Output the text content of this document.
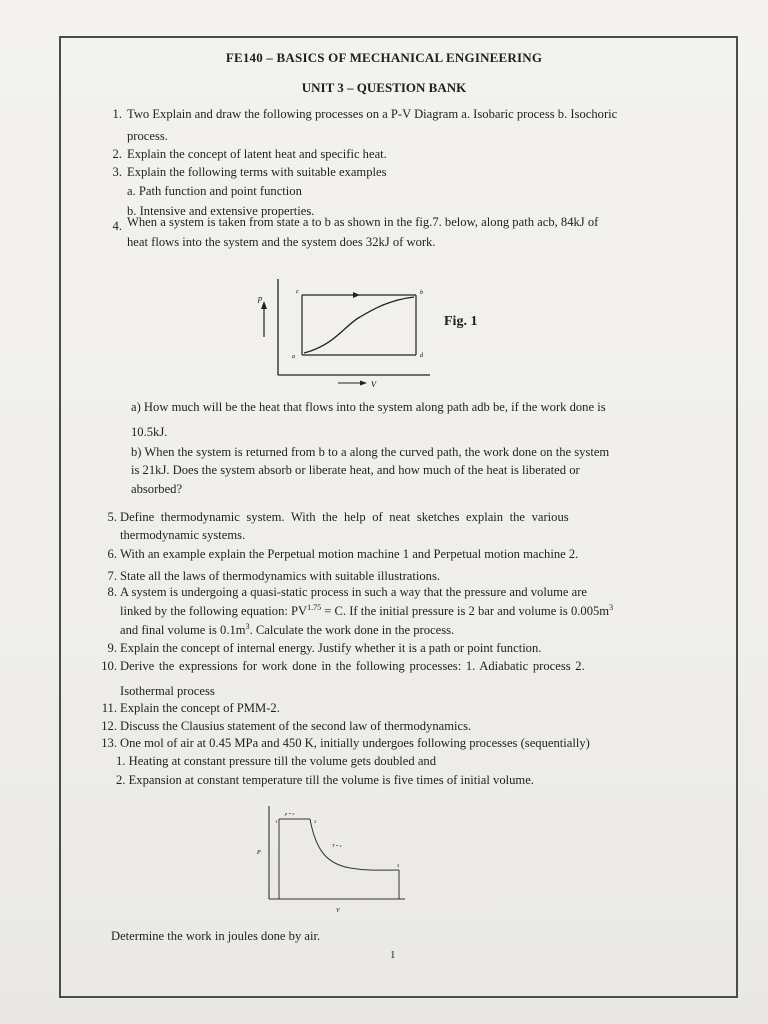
FE140 – BASICS OF MECHANICAL ENGINEERING
UNIT 3 – QUESTION BANK
1. Two Explain and draw the following processes on a P-V Diagram a. Isobaric process b. Isochoric
process.
2. Explain the concept of latent heat and specific heat.
3. Explain the following terms with suitable examples
a. Path function and point function
b. Intensive and extensive properties.
4. When a system is taken from state a to b as shown in the fig.7. below, along path acb, 84kJ of
heat flows into the system and the system does 32kJ of work.
p
V
a
b
c
d
Fig. 1
a) How much will be the heat that flows into the system along path adb be, if the work done is
10.5kJ.
b) When the system is returned from b to a along the curved path, the work done on the system
is 21kJ. Does the system absorb or liberate heat, and how much of the heat is liberated or
absorbed?
5. Define thermodynamic system. With the help of neat sketches explain the various
thermodynamic systems.
6. With an example explain the Perpetual motion machine 1 and Perpetual motion machine 2.
7. State all the laws of thermodynamics with suitable illustrations.
8. A system is undergoing a quasi-static process in such a way that the pressure and volume are
linked by the following equation: $PV^{1.75} = C$. If the initial pressure is 2 bar and volume is $0.005m^3$
and final volume is $0.1m^3$. Calculate the work done in the process.
9. Explain the concept of internal energy. Justify whether it is a path or point function.
10. Derive the expressions for work done in the following processes: 1. Adiabatic process 2.
Isothermal process
11. Explain the concept of PMM-2.
12. Discuss the Clausius statement of the second law of thermodynamics.
13. One mol of air at 0.45 MPa and 450 K, initially undergoes following processes (sequentially)
1. Heating at constant pressure till the volume gets doubled and
2. Expansion at constant temperature till the volume is five times of initial volume.
P
V
p = c
T = c
1	2
3
Determine the work in joules done by air.
1
